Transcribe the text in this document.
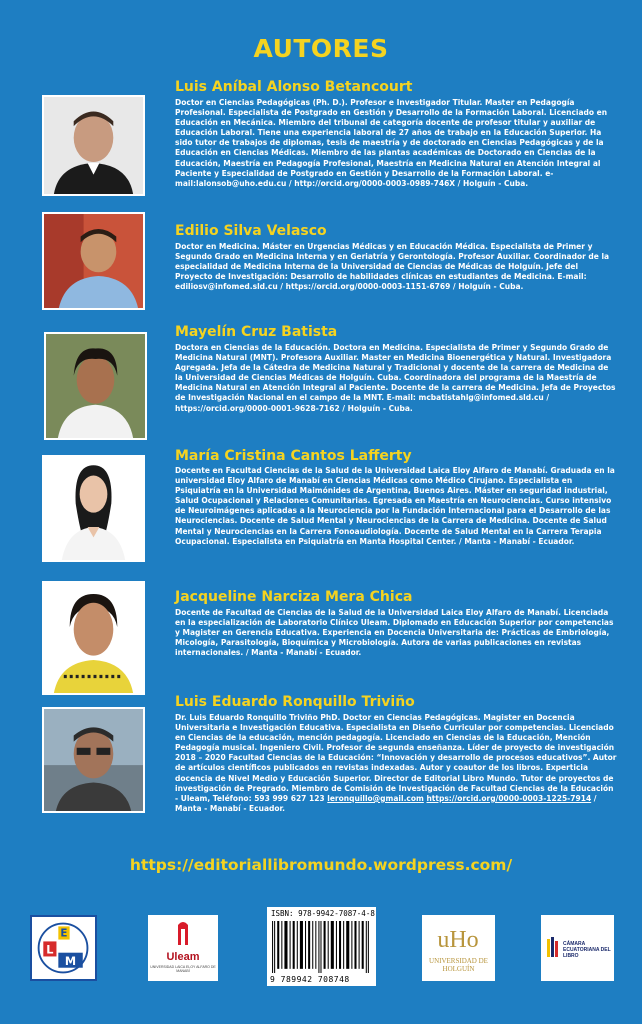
AUTORES
Luis Aníbal Alonso Betancourt

Doctor en Ciencias Pedagógicas (Ph. D.). Profesor e Investigador Titular. Master en Pedagogía Profesional. Especialista de Postgrado en Gestión y Desarrollo de la Formación Laboral. Licenciado en Educación en Mecánica. Miembro del tribunal de categoría docente de profesor titular y auxiliar de Educación Laboral. Tiene una experiencia laboral de 27 años de trabajo en la Educación Superior. Ha sido tutor de trabajos de diplomas, tesis de maestría y de doctorado en Ciencias Pedagógicas y de la Educación en Ciencias Médicas. Miembro de las plantas académicas de Doctorado en Ciencias de la Educación, Maestría en Pedagogía Profesional, Maestría en Medicina Natural en Atención Integral al Paciente y Especialidad de Postgrado en Gestión y Desarrollo de la Formación Laboral. e-mail:lalonsob@uho.edu.cu / http://orcid.org/0000-0003-0989-746X / Holguín - Cuba.

Edilio Silva Velasco

Doctor en Medicina. Máster en Urgencias Médicas y en Educación Médica. Especialista de Primer y Segundo Grado en Medicina Interna y en Geriatría y Gerontología. Profesor Auxiliar. Coordinador de la especialidad de Medicina Interna de la Universidad de Ciencias de Médicas de Holguín. Jefe del Proyecto de Investigación: Desarrollo de habilidades clínicas en estudiantes de Medicina. E-mail: ediliosv@infomed.sld.cu / https://orcid.org/0000-0003-1151-6769 / Holguín - Cuba.

Mayelín Cruz Batista

Doctora en Ciencias de la Educación. Doctora en Medicina. Especialista de Primer y Segundo Grado de Medicina Natural (MNT). Profesora Auxiliar. Master en Medicina Bioenergética y Natural. Investigadora Agregada. Jefa de la Cátedra de Medicina Natural y Tradicional y docente de la carrera de Medicina de la Universidad de Ciencias Médicas de Holguín. Cuba. Coordinadora del programa de la Maestría de Medicina Natural en Atención Integral al Paciente. Docente de la carrera de Medicina. Jefa de Proyectos de Investigación Nacional en el campo de la MNT. E-mail: mcbatistahlg@infomed.sld.cu / https://orcid.org/0000-0001-9628-7162 / Holguín - Cuba.

María Cristina Cantos Lafferty

Docente en Facultad Ciencias de la Salud de la Universidad Laica Eloy Alfaro de Manabí. Graduada en la universidad Eloy Alfaro de Manabí en Ciencias Médicas como Médico Cirujano. Especialista en Psiquiatría en la Universidad Maimónides de Argentina, Buenos Aires. Máster en seguridad industrial, Salud Ocupacional y Relaciones Comunitarias. Egresada en Maestría en Neurociencias. Curso intensivo de Neuroimágenes aplicadas a la Neurociencia por la Fundación Internacional para el Desarrollo de las Neurociencias. Docente de Salud Mental y Neurociencias de la Carrera de Medicina. Docente de Salud Mental y Neurociencias en la Carrera Fonoaudiología. Docente de Salud Mental en la Carrera Terapia Ocupacional. Especialista en Psiquiatría en Manta Hospital Center. / Manta - Manabí - Ecuador.

Jacqueline Narciza Mera Chica

Docente de Facultad de Ciencias de la Salud de la Universidad Laica Eloy Alfaro de Manabí. Licenciada en la especialización de Laboratorio Clínico Uleam. Diplomado en Educación Superior por competencias y Magister en Gerencia Educativa. Experiencia en Docencia Universitaria de: Prácticas de Embriología, Micología, Parasitología, Bioquímica y Microbiología. Autora de varias publicaciones en revistas internacionales. / Manta - Manabí - Ecuador.

Luis Eduardo Ronquillo Triviño

Dr. Luis Eduardo Ronquillo Triviño PhD. Doctor en Ciencias Pedagógicas. Magister en Docencia Universitaria e Investigación Educativa. Especialista en Diseño Curricular por competencias. Licenciado en Ciencias de la educación, mención pedagogía. Licenciado en Ciencias de la Educación, Mención Pedagogía musical. Ingeniero Civil. Profesor de segunda enseñanza. Líder de proyecto de investigación 2018 – 2020 Facultad Ciencias de la Educación: “Innovación y desarrollo de procesos educativos”. Autor de artículos científicos publicados en revistas indexadas. Autor y coautor de los libros. Experticia docencia de Nivel Medio y Educación Superior. Director de Editorial Libro Mundo. Tutor de proyectos de investigación de Pregrado. Miembro de Comisión de Investigación de Facultad Ciencias de la Educación - Uleam, Teléfono: 593 999 627 123 leronquillo@gmail.com https://orcid.org/0000-0003-1225-7914 / Manta - Manabí - Ecuador.

https://editoriallibromundo.wordpress.com/
E
L
M	Uleam
UNIVERSIDAD LAICA ELOY ALFARO DE MANABÍ
ISBN: 978-9942-7087-4-8
9 789942 708748
uHo
UNIVERSIDAD DE HOLGUÍN
CÁMARA ECUATORIANA DEL LIBRO
